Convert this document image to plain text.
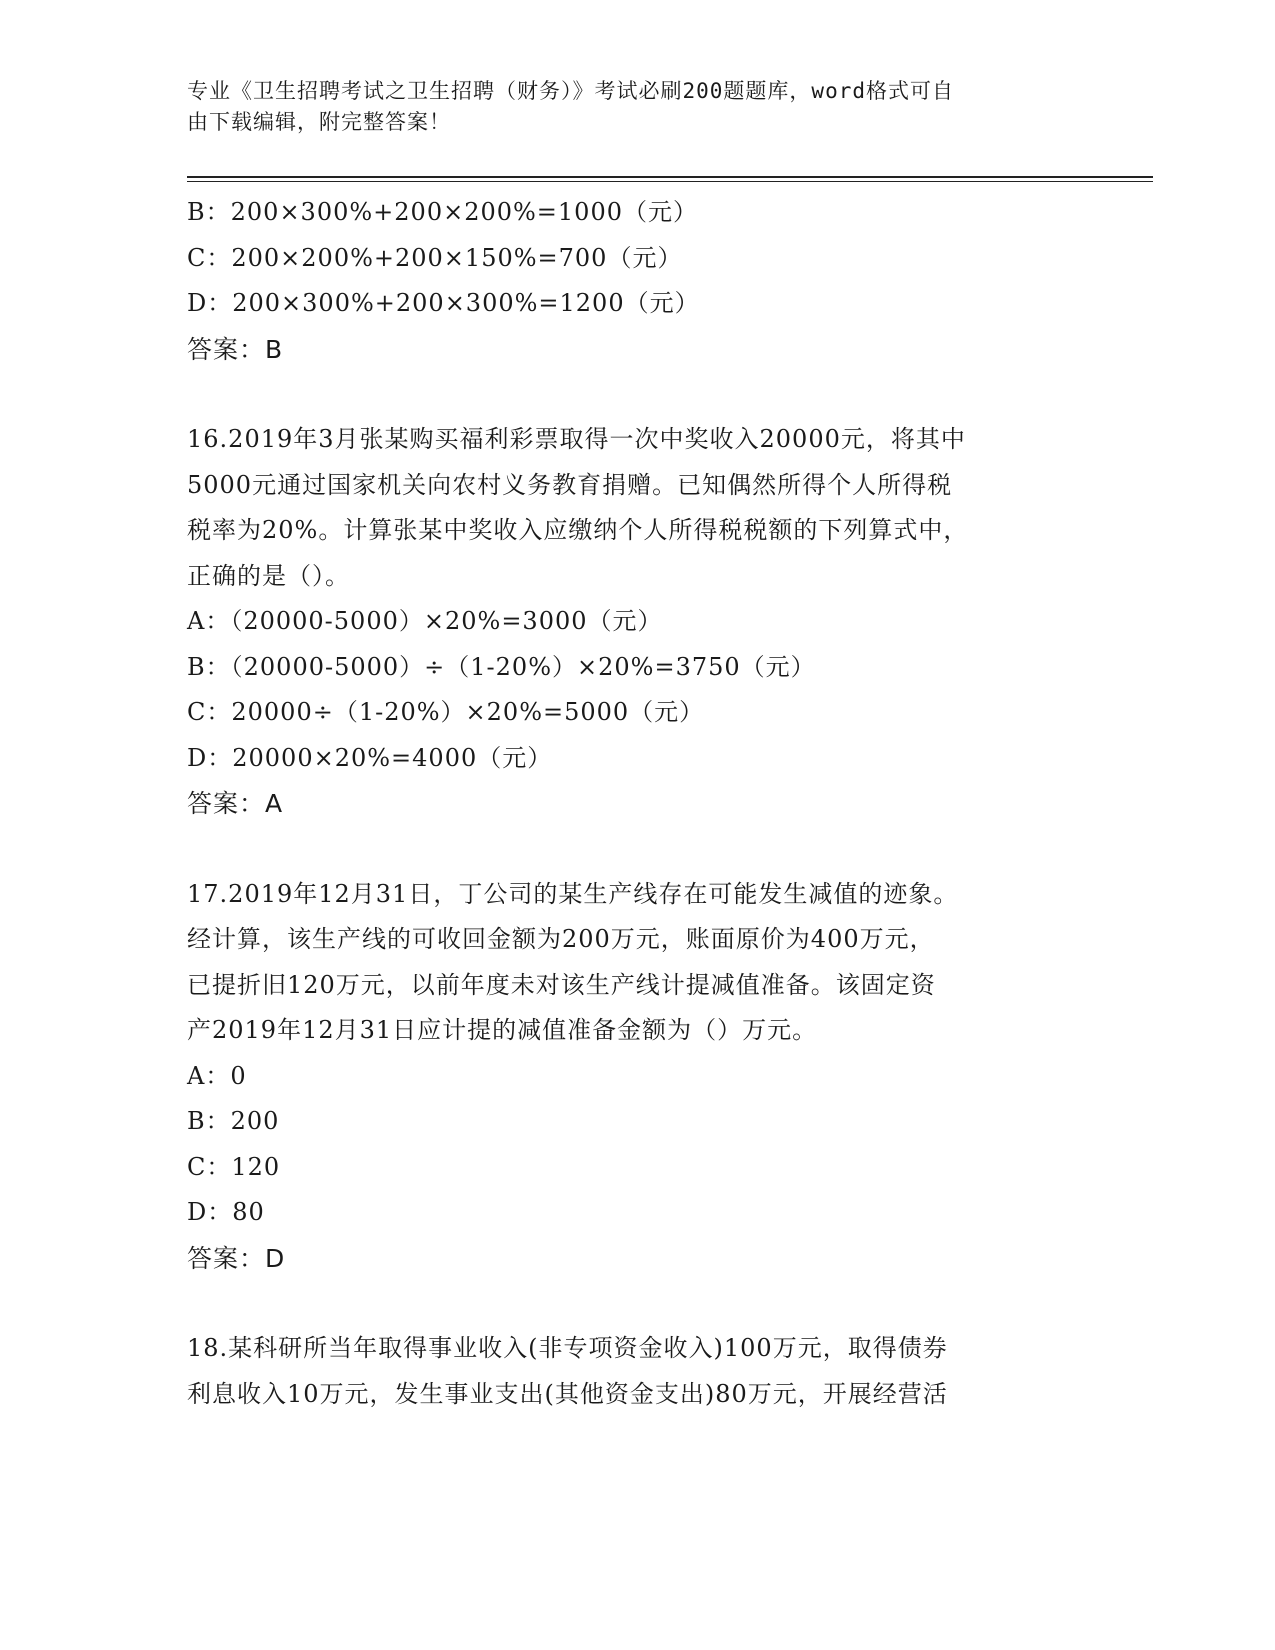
专业《卫生招聘考试之卫生招聘（财务）》考试必刷200题题库，word格式可自
由下载编辑，附完整答案！
B：200×300%+200×200%=1000（元）
C：200×200%+200×150%=700（元）
D：200×300%+200×300%=1200（元）
答案：B
16.2019年3月张某购买福利彩票取得一次中奖收入20000元，将其中
5000元通过国家机关向农村义务教育捐赠。已知偶然所得个人所得税
税率为20%。计算张某中奖收入应缴纳个人所得税税额的下列算式中，
正确的是（）。
A：（20000-5000）×20%=3000（元）
B：（20000-5000）÷（1-20%）×20%=3750（元）
C：20000÷（1-20%）×20%=5000（元）
D：20000×20%=4000（元）
答案：A
17.2019年12月31日，丁公司的某生产线存在可能发生减值的迹象。
经计算，该生产线的可收回金额为200万元，账面原价为400万元，
已提折旧120万元，以前年度未对该生产线计提减值准备。该固定资
产2019年12月31日应计提的减值准备金额为（）万元。
A：0
B：200
C：120
D：80
答案：D
18.某科研所当年取得事业收入(非专项资金收入)100万元，取得债券
利息收入10万元，发生事业支出(其他资金支出)80万元，开展经营活
